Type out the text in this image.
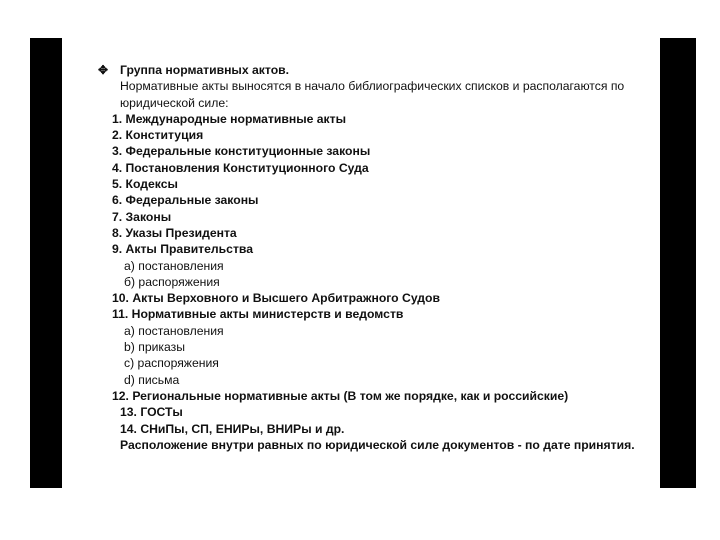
✥ Группа нормативных актов.
Нормативные акты выносятся в начало библиографических списков и располагаются по юридической силе:
1. Международные нормативные акты
2. Конституция
3. Федеральные конституционные законы
4. Постановления Конституционного Суда
5. Кодексы
6. Федеральные законы
7. Законы
8. Указы Президента
9. Акты Правительства
а) постановления
б) распоряжения
10. Акты Верховного и Высшего Арбитражного Судов
11. Нормативные акты министерств и ведомств
a) постановления
b) приказы
c) распоряжения
d) письма
12. Региональные нормативные акты (В том же порядке, как и российские)
13. ГОСТы
14. СНиПы, СП, ЕНИРы, ВНИРы и др.
Расположение внутри равных по юридической силе документов - по дате принятия.
